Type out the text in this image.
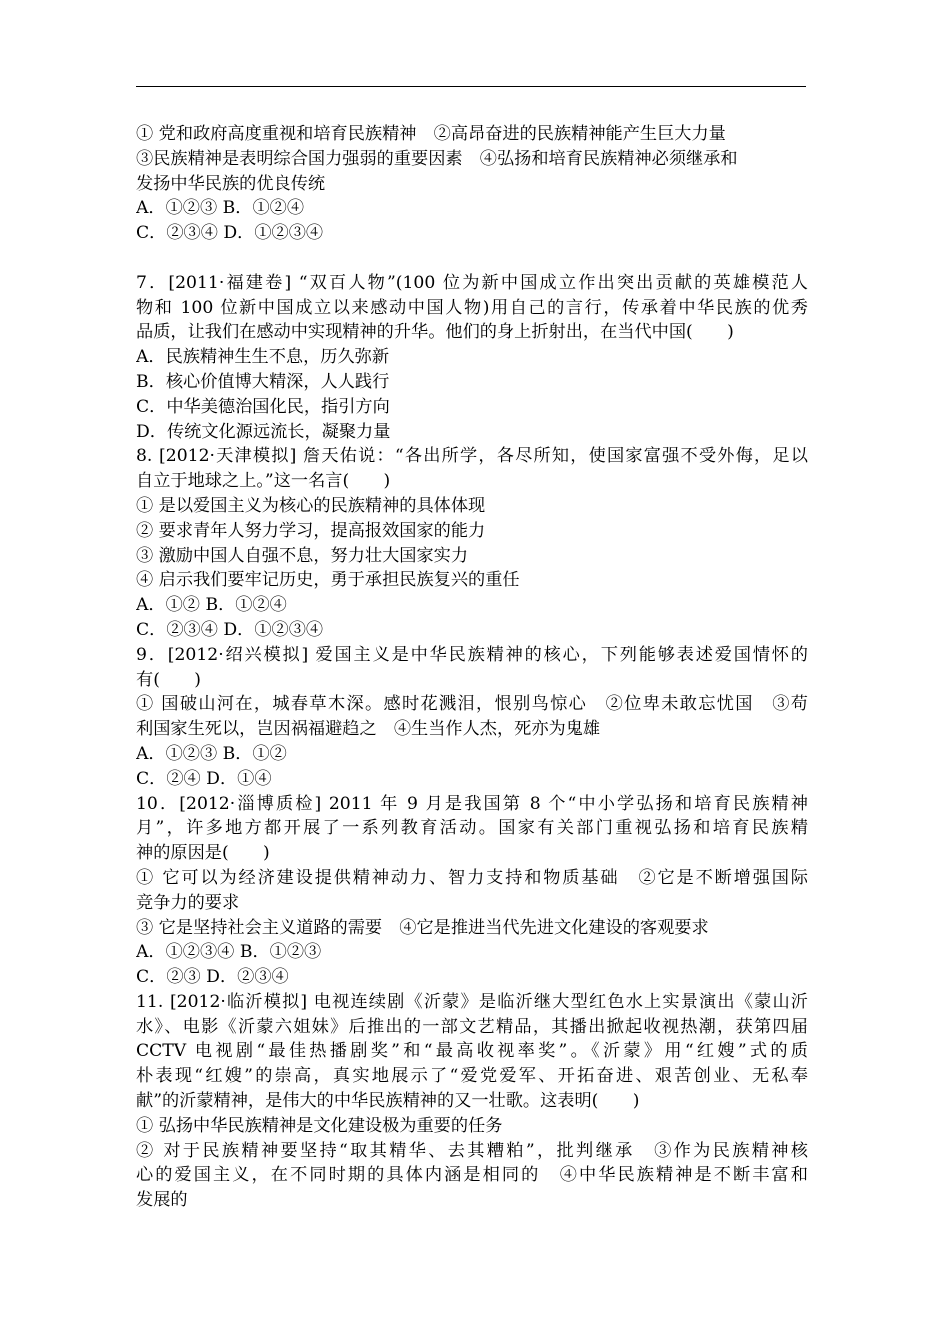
① 党和政府高度重视和培育民族精神　②高昂奋进的民族精神能产生巨大力量
③民族精神是表明综合国力强弱的重要因素　④弘扬和培育民族精神必须继承和
发扬中华民族的优良传统
A．①②③ B．①②④
C．②③④ D．①②③④
7．[2011·福建卷] “双百人物”(100 位为新中国成立作出突出贡献的英雄模范人
物和 100 位新中国成立以来感动中国人物)用自己的言行，传承着中华民族的优秀
品质，让我们在感动中实现精神的升华。他们的身上折射出，在当代中国(　　)
A．民族精神生生不息，历久弥新
B．核心价值博大精深，人人践行
C．中华美德治国化民，指引方向
D．传统文化源远流长，凝聚力量
8. [2012·天津模拟] 詹天佑说：“各出所学，各尽所知，使国家富强不受外侮，足以
自立于地球之上。”这一名言(　　)
① 是以爱国主义为核心的民族精神的具体体现
② 要求青年人努力学习，提高报效国家的能力
③ 激励中国人自强不息，努力壮大国家实力
④ 启示我们要牢记历史，勇于承担民族复兴的重任
A．①② B．①②④
C．②③④ D．①②③④
9．[2012·绍兴模拟] 爱国主义是中华民族精神的核心，下列能够表述爱国情怀的
有(　　)
① 国破山河在，城春草木深。感时花溅泪，恨别鸟惊心　②位卑未敢忘忧国　③苟
利国家生死以，岂因祸福避趋之　④生当作人杰，死亦为鬼雄
A．①②③ B．①②
C．②④ D．①④
10．[2012·淄博质检] 2011 年 9 月是我国第 8 个“中小学弘扬和培育民族精神
月”，许多地方都开展了一系列教育活动。国家有关部门重视弘扬和培育民族精
神的原因是(　　)
① 它可以为经济建设提供精神动力、智力支持和物质基础　②它是不断增强国际
竞争力的要求
③ 它是坚持社会主义道路的需要　④它是推进当代先进文化建设的客观要求
A．①②③④ B．①②③
C．②③ D．②③④
11. [2012·临沂模拟] 电视连续剧《沂蒙》是临沂继大型红色水上实景演出《蒙山沂
水》、电影《沂蒙六姐妹》后推出的一部文艺精品，其播出掀起收视热潮，获第四届
CCTV 电视剧“最佳热播剧奖”和“最高收视率奖”。《沂蒙》用“红嫂”式的质
朴表现“红嫂”的崇高，真实地展示了“爱党爱军、开拓奋进、艰苦创业、无私奉
献”的沂蒙精神，是伟大的中华民族精神的又一壮歌。这表明(　　)
① 弘扬中华民族精神是文化建设极为重要的任务
② 对于民族精神要坚持“取其精华、去其糟粕”，批判继承　③作为民族精神核
心的爱国主义，在不同时期的具体内涵是相同的　④中华民族精神是不断丰富和
发展的
